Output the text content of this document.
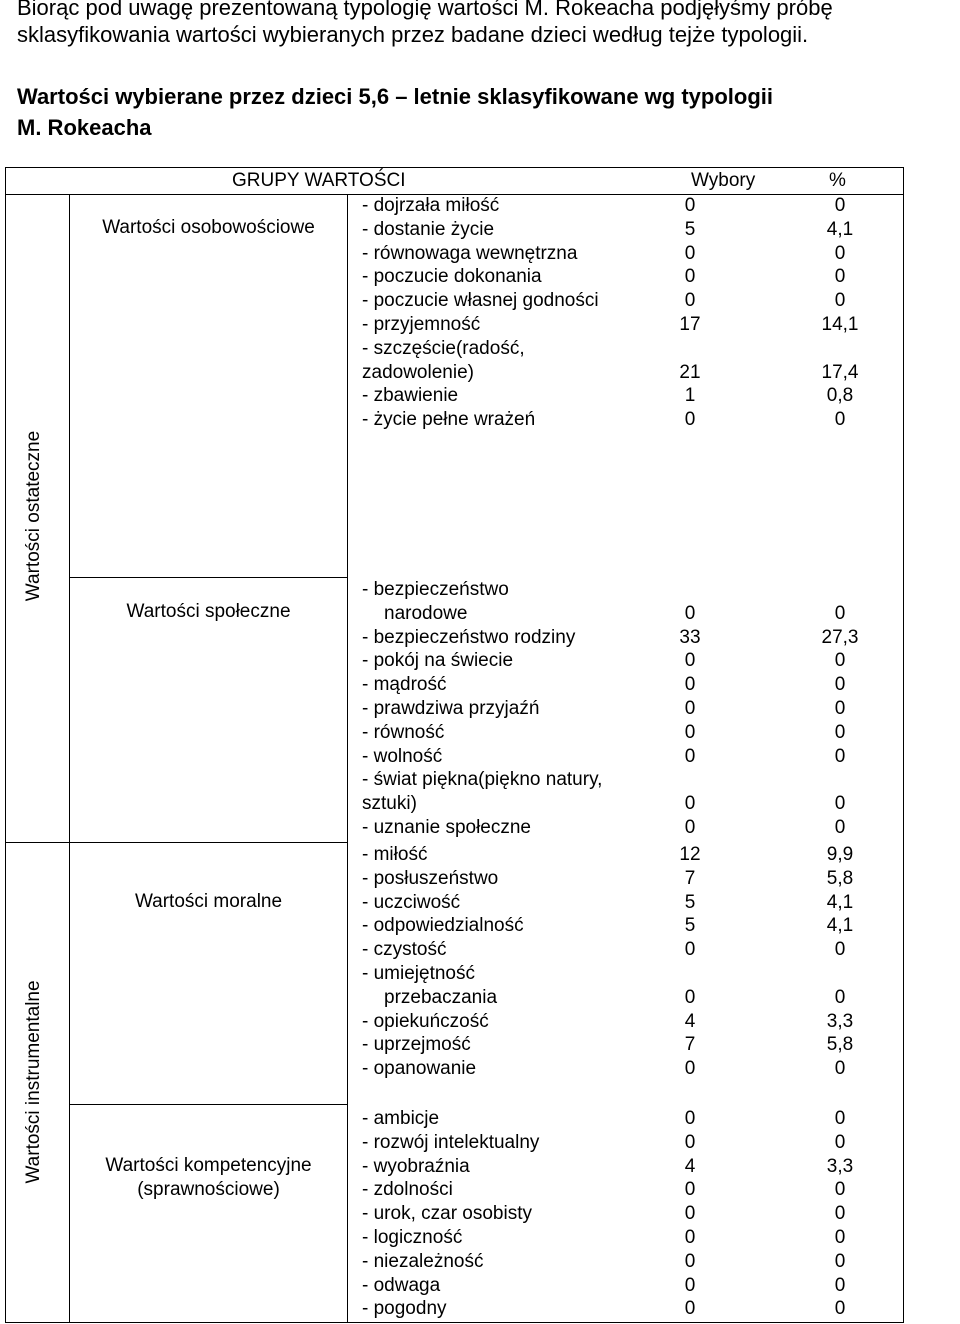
Biorąc pod uwagę prezentowaną typologię wartości M. Rokeacha podjęłyśmy próbę
sklasyfikowania wartości wybieranych przez badane dzieci według tejże typologii.
Wartości wybierane przez dzieci 5,6 – letnie sklasyfikowane wg typologii
M. Rokeacha
GRUPY WARTOŚCI	Wybory	%
Wartości ostateczne
Wartości instrumentalne
Wartości osobowościowe
- dojrzała miłość
- dostanie życie
- równowaga wewnętrzna
- poczucie dokonania
- poczucie własnej godności
- przyjemność
- szczęście(radość,
zadowolenie)
- zbawienie
- życie pełne wrażeń
0
5
0
0
0
17
21
1
0
0
4,1
0
0
0
14,1
17,4
0,8
0
Wartości społeczne
- bezpieczeństwo
narodowe
- bezpieczeństwo rodziny
- pokój na świecie
- mądrość
- prawdziwa przyjaźń
- równość
- wolność
- świat piękna(piękno natury,
sztuki)
- uznanie społeczne
0
33
0
0
0
0
0
0
0
0
27,3
0
0
0
0
0
0
0
Wartości moralne
- miłość
- posłuszeństwo
- uczciwość
- odpowiedzialność
- czystość
- umiejętność
przebaczania
- opiekuńczość
- uprzejmość
- opanowanie
12
7
5
5
0
0
4
7
0
9,9
5,8
4,1
4,1
0
0
3,3
5,8
0
Wartości kompetencyjne
(sprawnościowe)
- ambicje
- rozwój intelektualny
- wyobraźnia
- zdolności
- urok, czar osobisty
- logiczność
- niezależność
- odwaga
- pogodny
0
0
4
0
0
0
0
0
0
0
0
3,3
0
0
0
0
0
0
